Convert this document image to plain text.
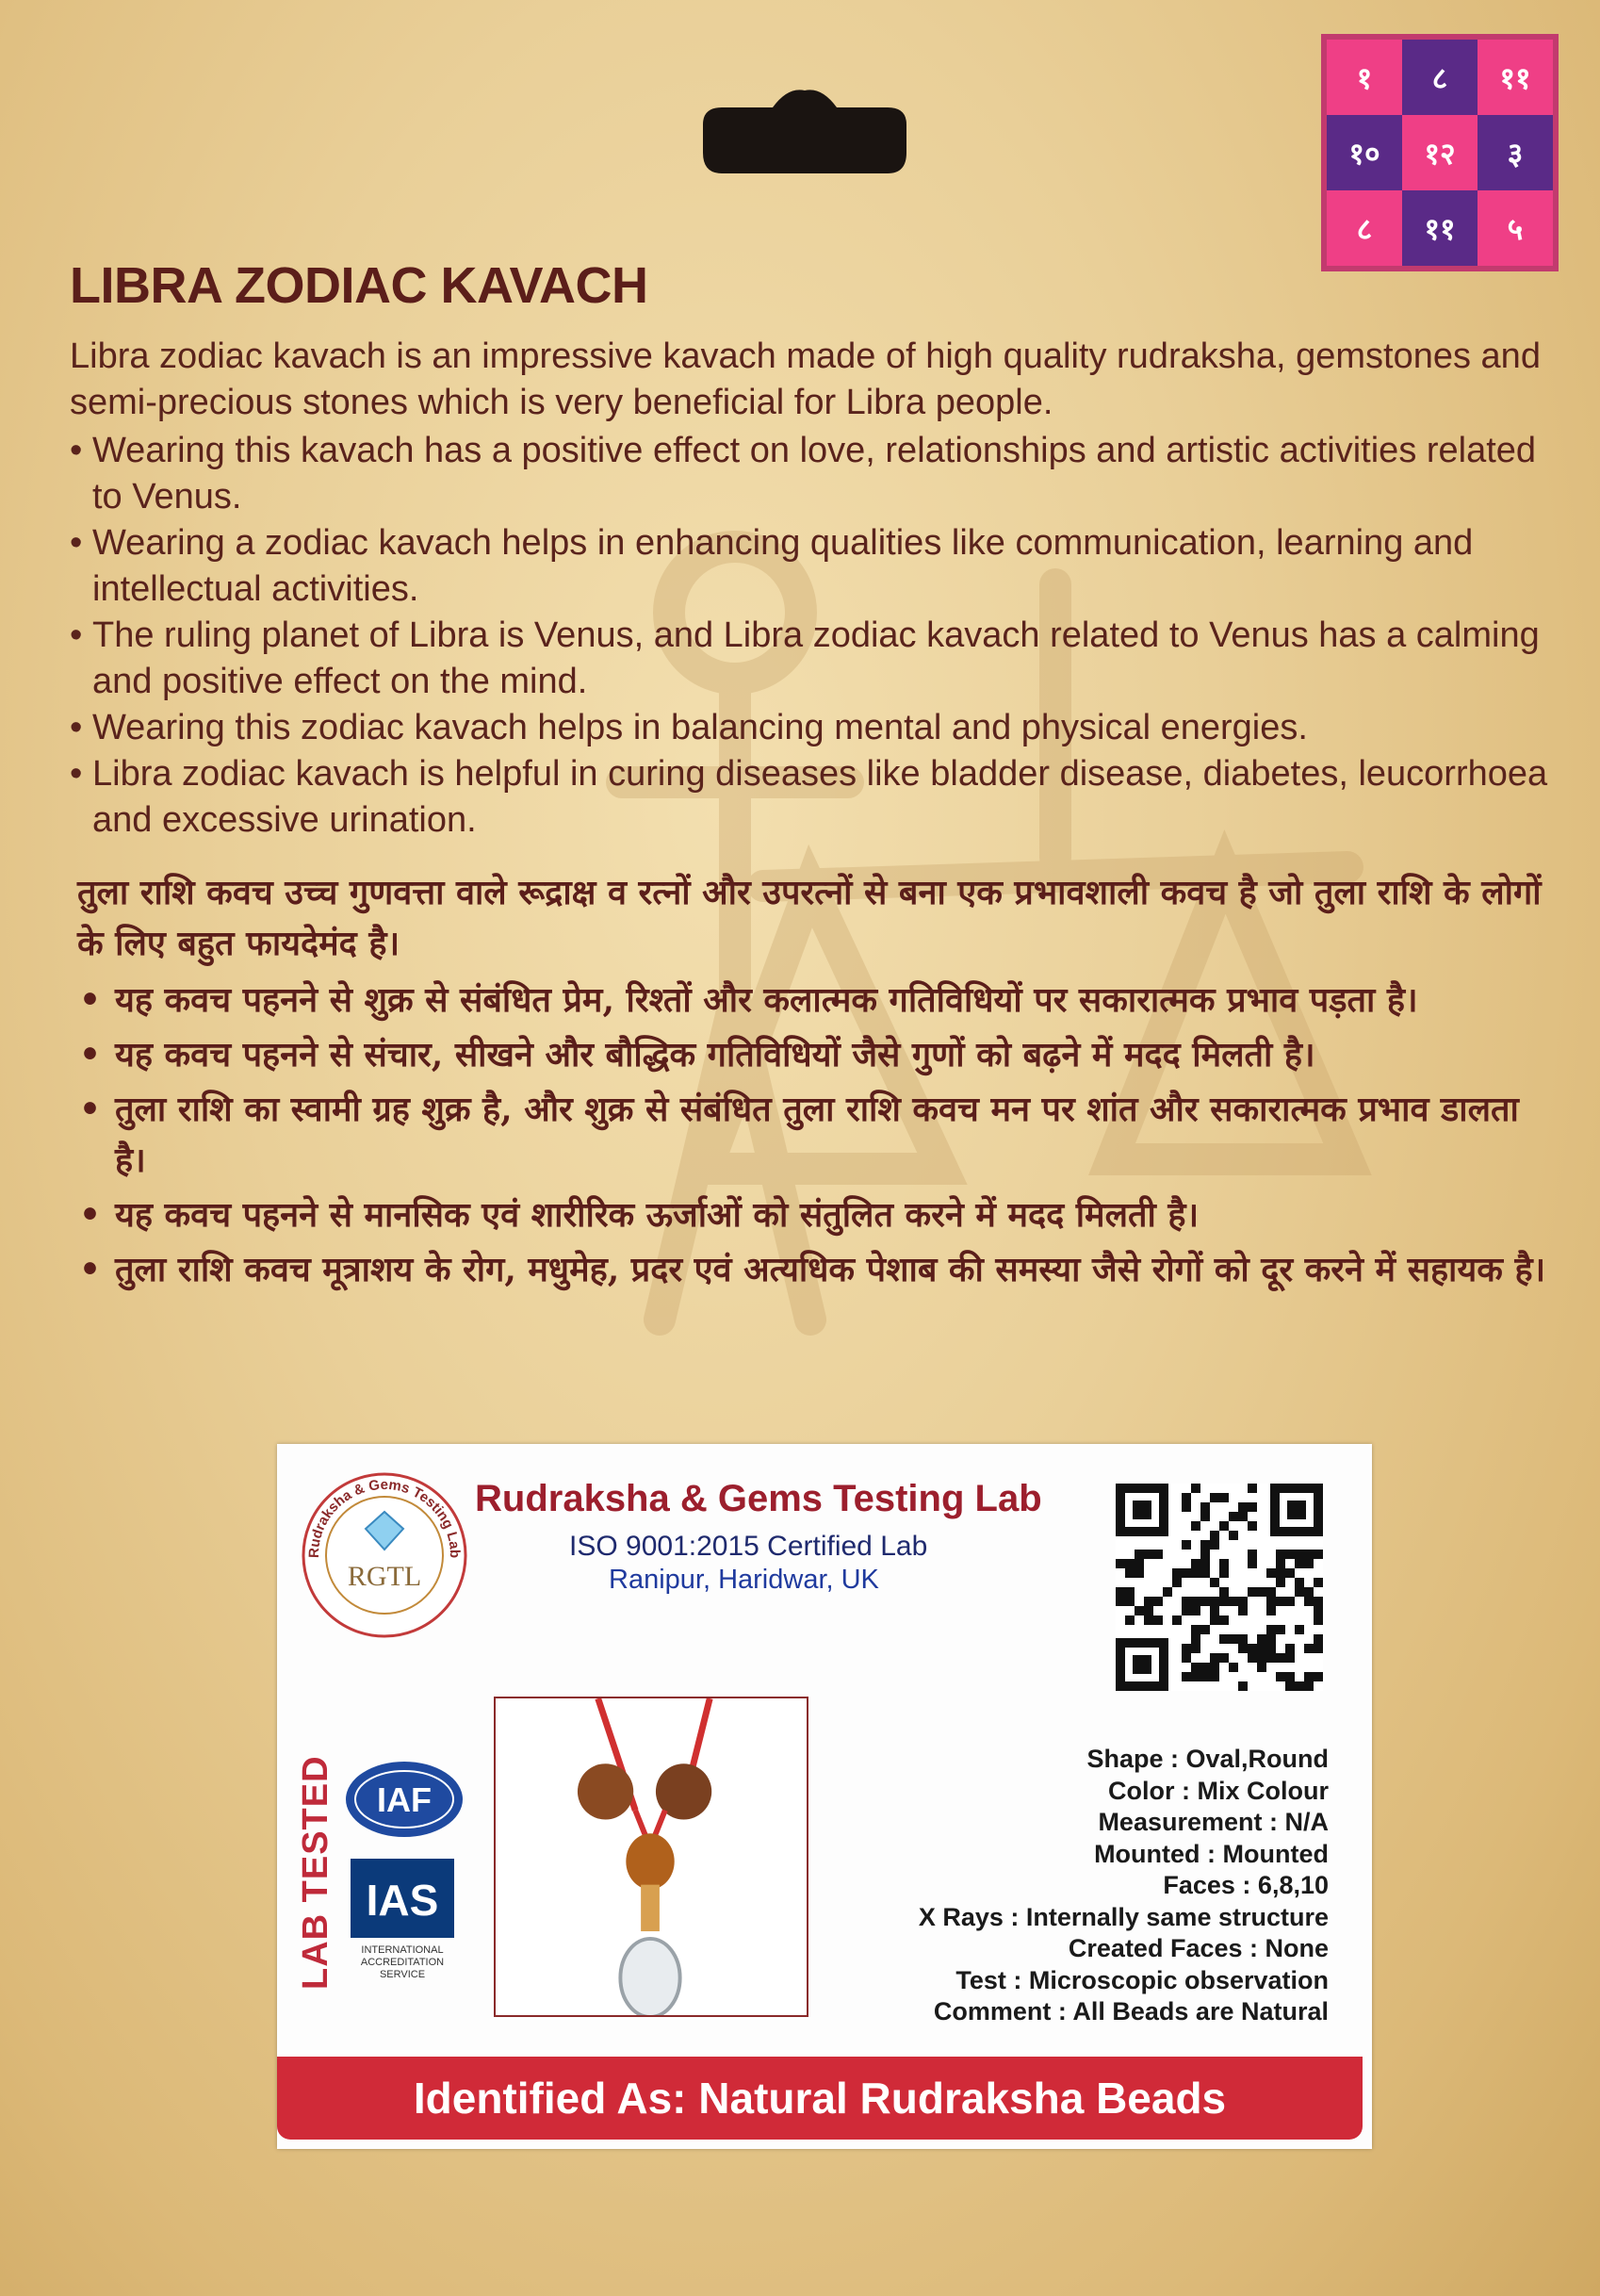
१	८	११
१०	१२	३
८	११	५
LIBRA ZODIAC KAVACH

Libra zodiac kavach is an impressive kavach made of high quality rudraksha, gemstones and semi-precious stones which is very beneficial for Libra people.

• Wearing this kavach has a positive effect on love, relationships and artistic activities related to Venus.
• Wearing a zodiac kavach helps in enhancing qualities like communication, learning and intellectual activities.
• The ruling planet of Libra is Venus, and Libra zodiac kavach related to Venus has a calming and positive effect on the mind.
• Wearing this zodiac kavach helps in balancing mental and physical energies.
• Libra zodiac kavach is helpful in curing diseases like bladder disease, diabetes, leucorrhoea and excessive urination.

तुला राशि कवच उच्च गुणवत्ता वाले रूद्राक्ष व रत्नों और उपरत्नों से बना एक प्रभावशाली कवच है जो तुला राशि के लोगों के लिए बहुत फायदेमंद है।

• यह कवच पहनने से शुक्र से संबंधित प्रेम, रिश्तों और कलात्मक गतिविधियों पर सकारात्मक प्रभाव पड़ता है।
• यह कवच पहनने से संचार, सीखने और बौद्धिक गतिविधियों जैसे गुणों को बढ़ने में मदद मिलती है।
• तुला राशि का स्वामी ग्रह शुक्र है, और शुक्र से संबंधित तुला राशि कवच मन पर शांत और सकारात्मक प्रभाव डालता है।
• यह कवच पहनने से मानसिक एवं शारीरिक ऊर्जाओं को संतुलित करने में मदद मिलती है।
• तुला राशि कवच मूत्राशय के रोग, मधुमेह, प्रदर एवं अत्यधिक पेशाब की समस्या जैसे रोगों को दूर करने में सहायक है।
Rudraksha & Gems Testing Lab
RGTL
Rudraksha & Gems Testing Lab
ISO 9001:2015 Certified Lab
Ranipur, Haridwar, UK
LAB TESTED IAF
IAS
INTERNATIONAL
ACCREDITATION
SERVICE
Shape : Oval,Round
Color : Mix Colour
Measurement : N/A
Mounted : Mounted
Faces : 6,8,10
X Rays : Internally same structure
Created Faces : None
Test : Microscopic observation
Comment : All Beads are Natural
Identified As: Natural Rudraksha Beads
